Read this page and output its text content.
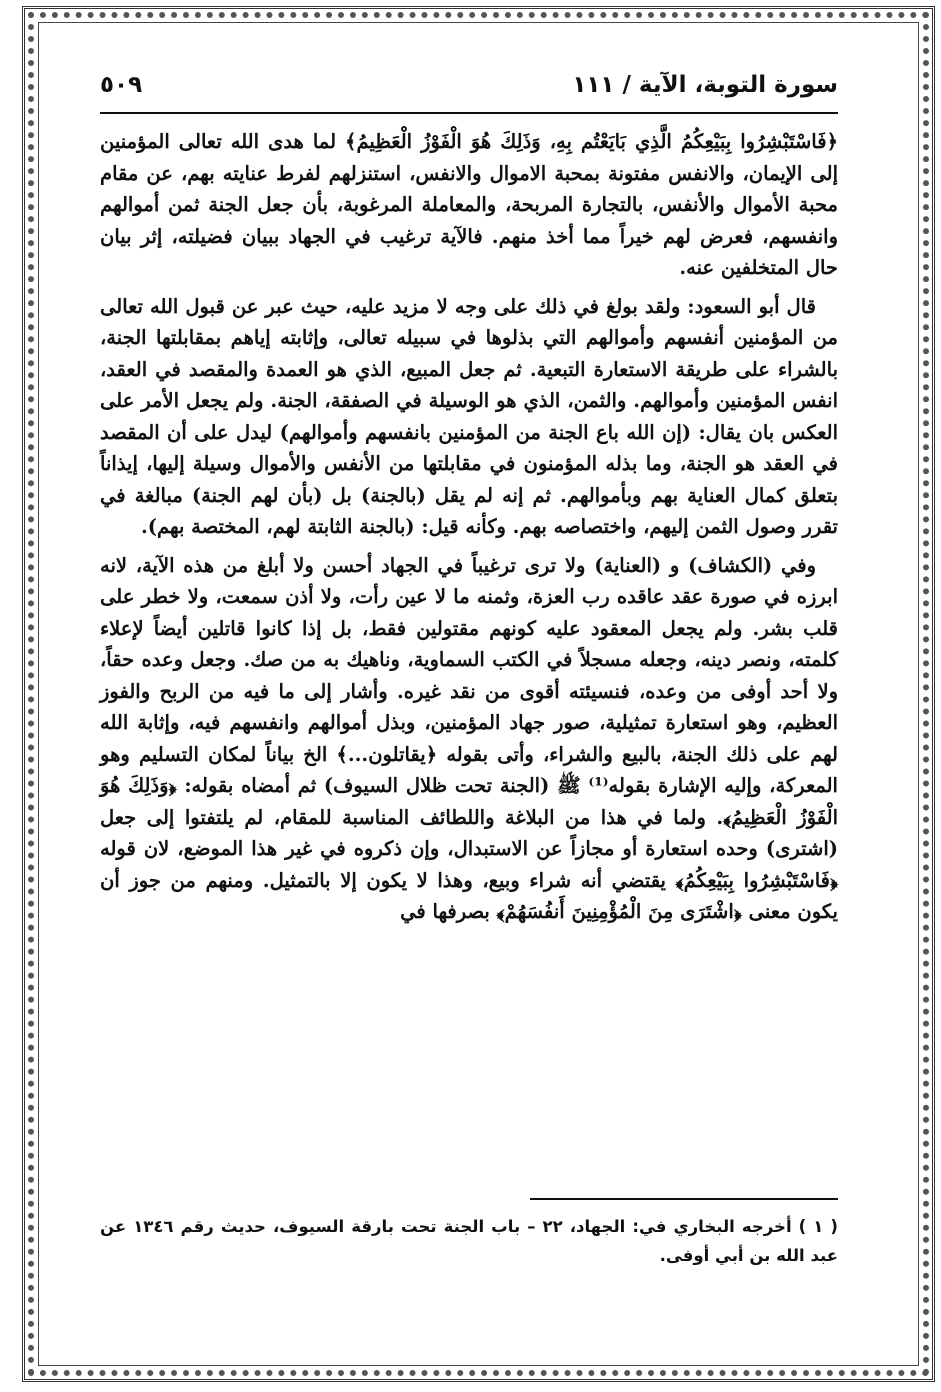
سورة التوبة، الآية / ١١١
٥٠٩

﴿فَاسْتَبْشِرُوا بِبَيْعِكُمُ الَّذِي بَايَعْتُم بِهِ، وَذَلِكَ هُوَ الْفَوْزُ الْعَظِيمُ﴾ لما هدى الله تعالى المؤمنين إلى الإيمان، والانفس مفتونة بمحبة الاموال والانفس، استنزلهم لفرط عنايته بهم، عن مقام محبة الأموال والأنفس، بالتجارة المربحة، والمعاملة المرغوبة، بأن جعل الجنة ثمن أموالهم وانفسهم، فعرض لهم خيراً مما أخذ منهم. فالآية ترغيب في الجهاد ببيان فضيلته، إثر بيان حال المتخلفين عنه.

قال أبو السعود: ولقد بولغ في ذلك على وجه لا مزيد عليه، حيث عبر عن قبول الله تعالى من المؤمنين أنفسهم وأموالهم التي بذلوها في سبيله تعالى، وإثابته إياهم بمقابلتها الجنة، بالشراء على طريقة الاستعارة التبعية. ثم جعل المبيع، الذي هو العمدة والمقصد في العقد، انفس المؤمنين وأموالهم. والثمن، الذي هو الوسيلة في الصفقة، الجنة. ولم يجعل الأمر على العكس بان يقال: (إن الله باع الجنة من المؤمنين بانفسهم وأموالهم) ليدل على أن المقصد في العقد هو الجنة، وما بذله المؤمنون في مقابلتها من الأنفس والأموال وسيلة إليها، إيذاناً بتعلق كمال العناية بهم وبأموالهم. ثم إنه لم يقل (بالجنة) بل (بأن لهم الجنة) مبالغة في تقرر وصول الثمن إليهم، واختصاصه بهم. وكأنه قيل: (بالجنة الثابتة لهم، المختصة بهم).

وفي (الكشاف) و (العناية) ولا ترى ترغيباً في الجهاد أحسن ولا أبلغ من هذه الآية، لانه ابرزه في صورة عقد عاقده رب العزة، وثمنه ما لا عين رأت، ولا أذن سمعت، ولا خطر على قلب بشر. ولم يجعل المعقود عليه كونهم مقتولين فقط، بل إذا كانوا قاتلين أيضاً لإعلاء كلمته، ونصر دينه، وجعله مسجلاً في الكتب السماوية، وناهيك به من صك. وجعل وعده حقاً، ولا أحد أوفى من وعده، فنسيئته أقوى من نقد غيره. وأشار إلى ما فيه من الربح والفوز العظيم، وهو استعارة تمثيلية، صور جهاد المؤمنين، وبذل أموالهم وانفسهم فيه، وإثابة الله لهم على ذلك الجنة، بالبيع والشراء، وأتى بقوله ﴿يقاتلون...﴾ الخ بياناً لمكان التسليم وهو المعركة، وإليه الإشارة بقوله⁽¹⁾ ﷺ (الجنة تحت ظلال السيوف) ثم أمضاه بقوله: ﴿وَذَلِكَ هُوَ الْفَوْزُ الْعَظِيمُ﴾. ولما في هذا من البلاغة واللطائف المناسبة للمقام، لم يلتفتوا إلى جعل (اشترى) وحده استعارة أو مجازاً عن الاستبدال، وإن ذكروه في غير هذا الموضع، لان قوله ﴿فَاسْتَبْشِرُوا بِبَيْعِكُمُ﴾ يقتضي أنه شراء وبيع، وهذا لا يكون إلا بالتمثيل. ومنهم من جوز أن يكون معنى ﴿اشْتَرَى مِنَ الْمُؤْمِنِينَ أَنفُسَهُمْ﴾ بصرفها في

( ١ ) أخرجه البخاري في: الجهاد، ٢٢ – باب الجنة تحت بارقة السيوف، حديث رقم ١٣٤٦ عن عبد الله بن أبي أوفى.
